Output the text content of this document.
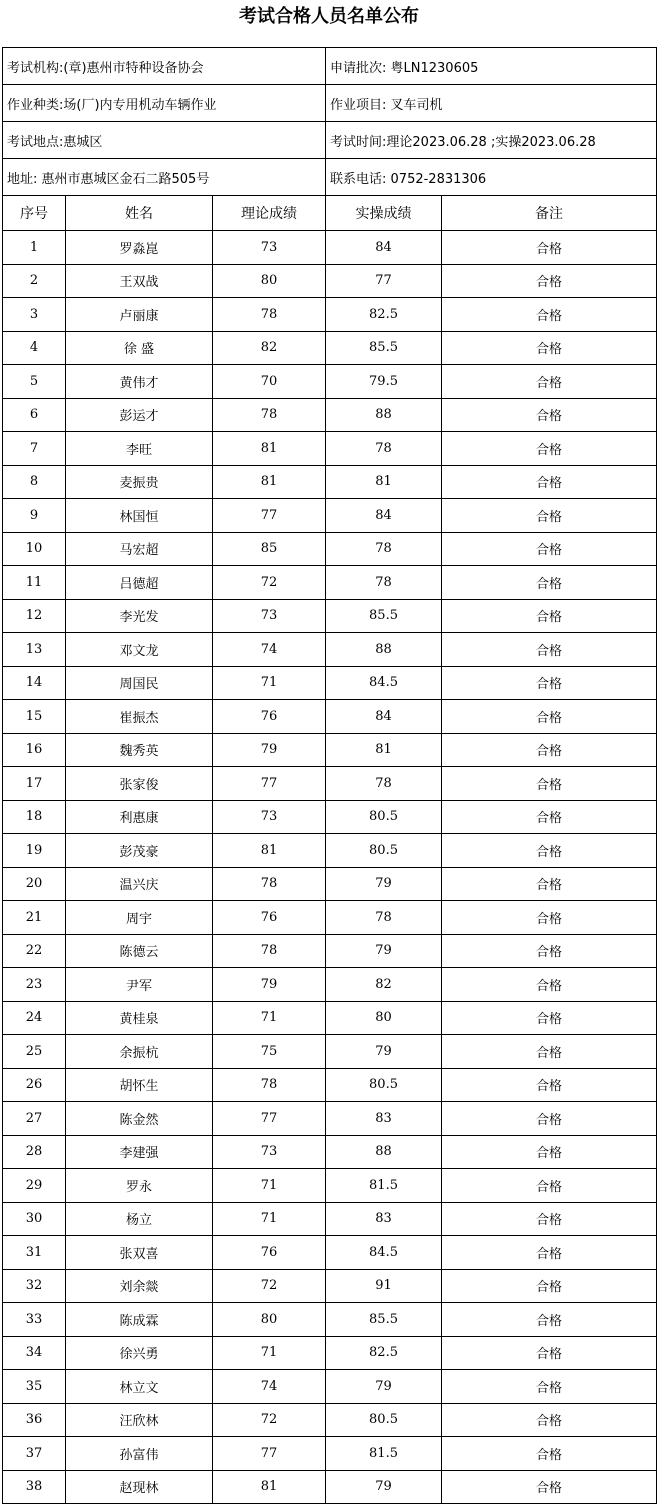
考试合格人员名单公布
考试机构:(章)惠州市特种设备协会			申请批次: 粤LN1230605	
作业种类:场(厂)内专用机动车辆作业			作业项目: 叉车司机	
考试地点:惠城区			考试时间:理论2023.06.28 ;实操2023.06.28	
地址: 惠州市惠城区金石二路505号			联系电话: 0752-2831306	
序号	姓名	理论成绩	实操成绩	备注
1	罗淼崑	73	84	合格
2	王双战	80	77	合格
3	卢丽康	78	82.5	合格
4	徐 盛	82	85.5	合格
5	黄伟才	70	79.5	合格
6	彭运才	78	88	合格
7	李旺	81	78	合格
8	麦振贵	81	81	合格
9	林国恒	77	84	合格
10	马宏超	85	78	合格
11	吕德超	72	78	合格
12	李光发	73	85.5	合格
13	邓文龙	74	88	合格
14	周国民	71	84.5	合格
15	崔振杰	76	84	合格
16	魏秀英	79	81	合格
17	张家俊	77	78	合格
18	利惠康	73	80.5	合格
19	彭茂豪	81	80.5	合格
20	温兴庆	78	79	合格
21	周宇	76	78	合格
22	陈德云	78	79	合格
23	尹军	79	82	合格
24	黄桂泉	71	80	合格
25	余振杭	75	79	合格
26	胡怀生	78	80.5	合格
27	陈金然	77	83	合格
28	李建强	73	88	合格
29	罗永	71	81.5	合格
30	杨立	71	83	合格
31	张双喜	76	84.5	合格
32	刘余燚	72	91	合格
33	陈成霖	80	85.5	合格
34	徐兴勇	71	82.5	合格
35	林立文	74	79	合格
36	汪欣林	72	80.5	合格
37	孙富伟	77	81.5	合格
38	赵现林	81	79	合格
